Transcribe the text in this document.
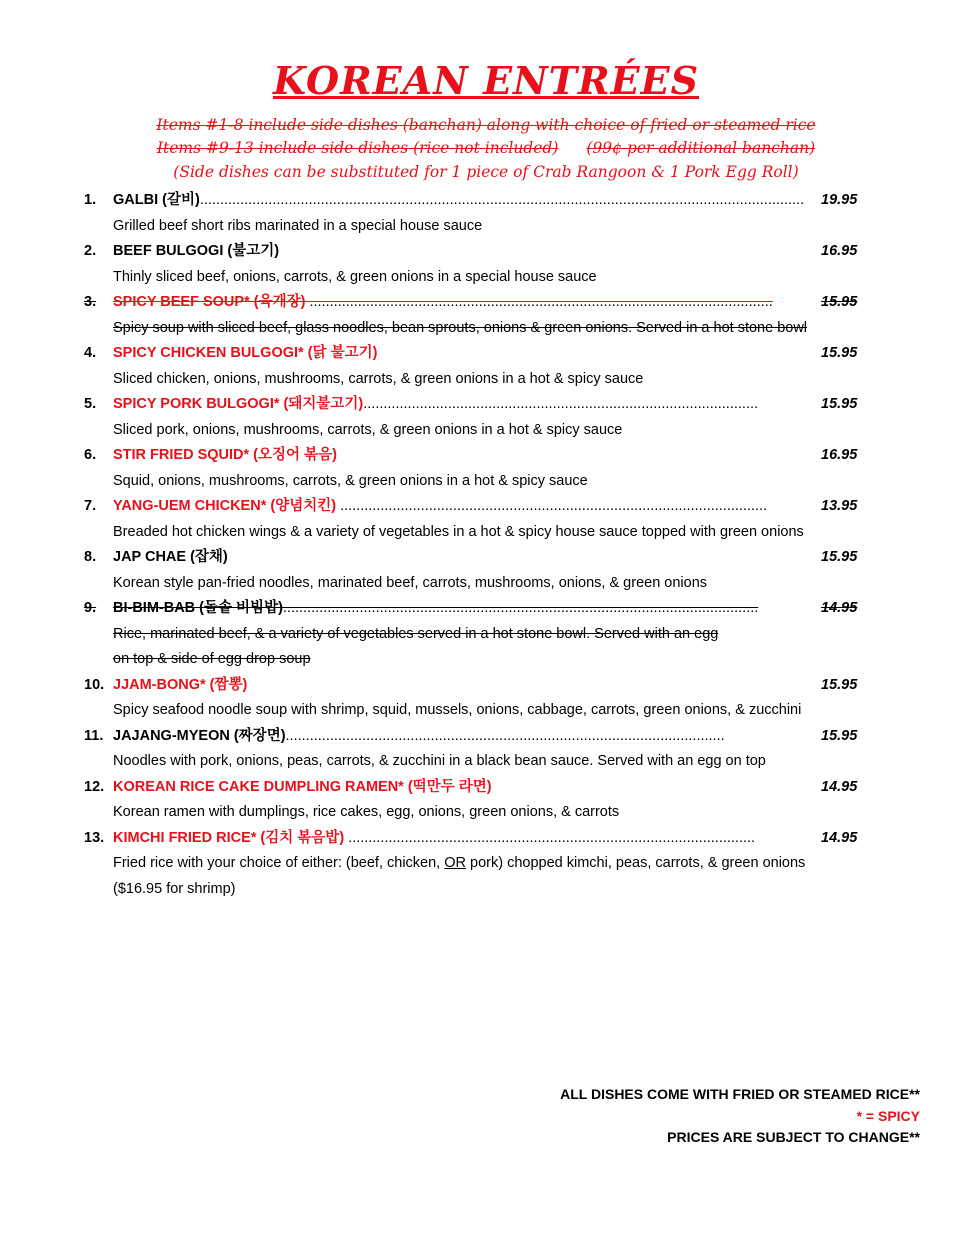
KOREAN ENTRÉES
Items #1-8 include side dishes (banchan) along with choice of fried or steamed rice
Items #9-13 include side dishes (rice not included) (99¢ per additional banchan)
(Side dishes can be substituted for 1 piece of Crab Rangoon & 1 Pork Egg Roll)
1.	GALBI (갈비)...................................................................................................................................................... 19.95
Grilled beef short ribs marinated in a special house sauce
2.	BEEF BULGOGI (불고기)	16.95
Thinly sliced beef, onions, carrots, & green onions in a special house sauce
3.	SPICY BEEF SOUP* (육개장) ...................................................................................................................	15.95
Spicy soup with sliced beef, glass noodles, bean sprouts, onions & green onions. Served in a hot stone bowl
4.	SPICY CHICKEN BULGOGI* (닭 불고기)	15.95
Sliced chicken, onions, mushrooms, carrots, & green onions in a hot & spicy sauce
5.	SPICY PORK BULGOGI* (돼지불고기)..................................................................................................	15.95
Sliced pork, onions, mushrooms, carrots, & green onions in a hot & spicy sauce
6.	STIR FRIED SQUID* (오징어 볶음)	16.95
Squid, onions, mushrooms, carrots, & green onions in a hot & spicy sauce
7.	YANG-UEM CHICKEN* (양념치킨) ..........................................................................................................	13.95
Breaded hot chicken wings & a variety of vegetables in a hot & spicy house sauce topped with green onions
8.	JAP CHAE (잡채)	15.95
Korean style pan-fried noodles, marinated beef, carrots, mushrooms, onions, & green onions
9.	BI-BIM-BAB (돌솥 비빔밥)......................................................................................................................	14.95
Rice, marinated beef, & a variety of vegetables served in a hot stone bowl. Served with an egg
on top & side of egg drop soup
10. JJAM-BONG* (짬뽕)	15.95
Spicy seafood noodle soup with shrimp, squid, mussels, onions, cabbage, carrots, green onions, & zucchini
11. JAJANG-MYEON (짜장면).............................................................................................................	15.95
Noodles with pork, onions, peas, carrots, & zucchini in a black bean sauce. Served with an egg on top
12. KOREAN RICE CAKE DUMPLING RAMEN* (떡만두 라면)	14.95
Korean ramen with dumplings, rice cakes, egg, onions, green onions, & carrots
13. KIMCHI FRIED RICE* (김치 볶음밥) .....................................................................................................	14.95
Fried rice with your choice of either: (beef, chicken, OR pork) chopped kimchi, peas, carrots, & green onions
($16.95 for shrimp)
ALL DISHES COME WITH FRIED OR STEAMED RICE**
* = SPICY
PRICES ARE SUBJECT TO CHANGE**
